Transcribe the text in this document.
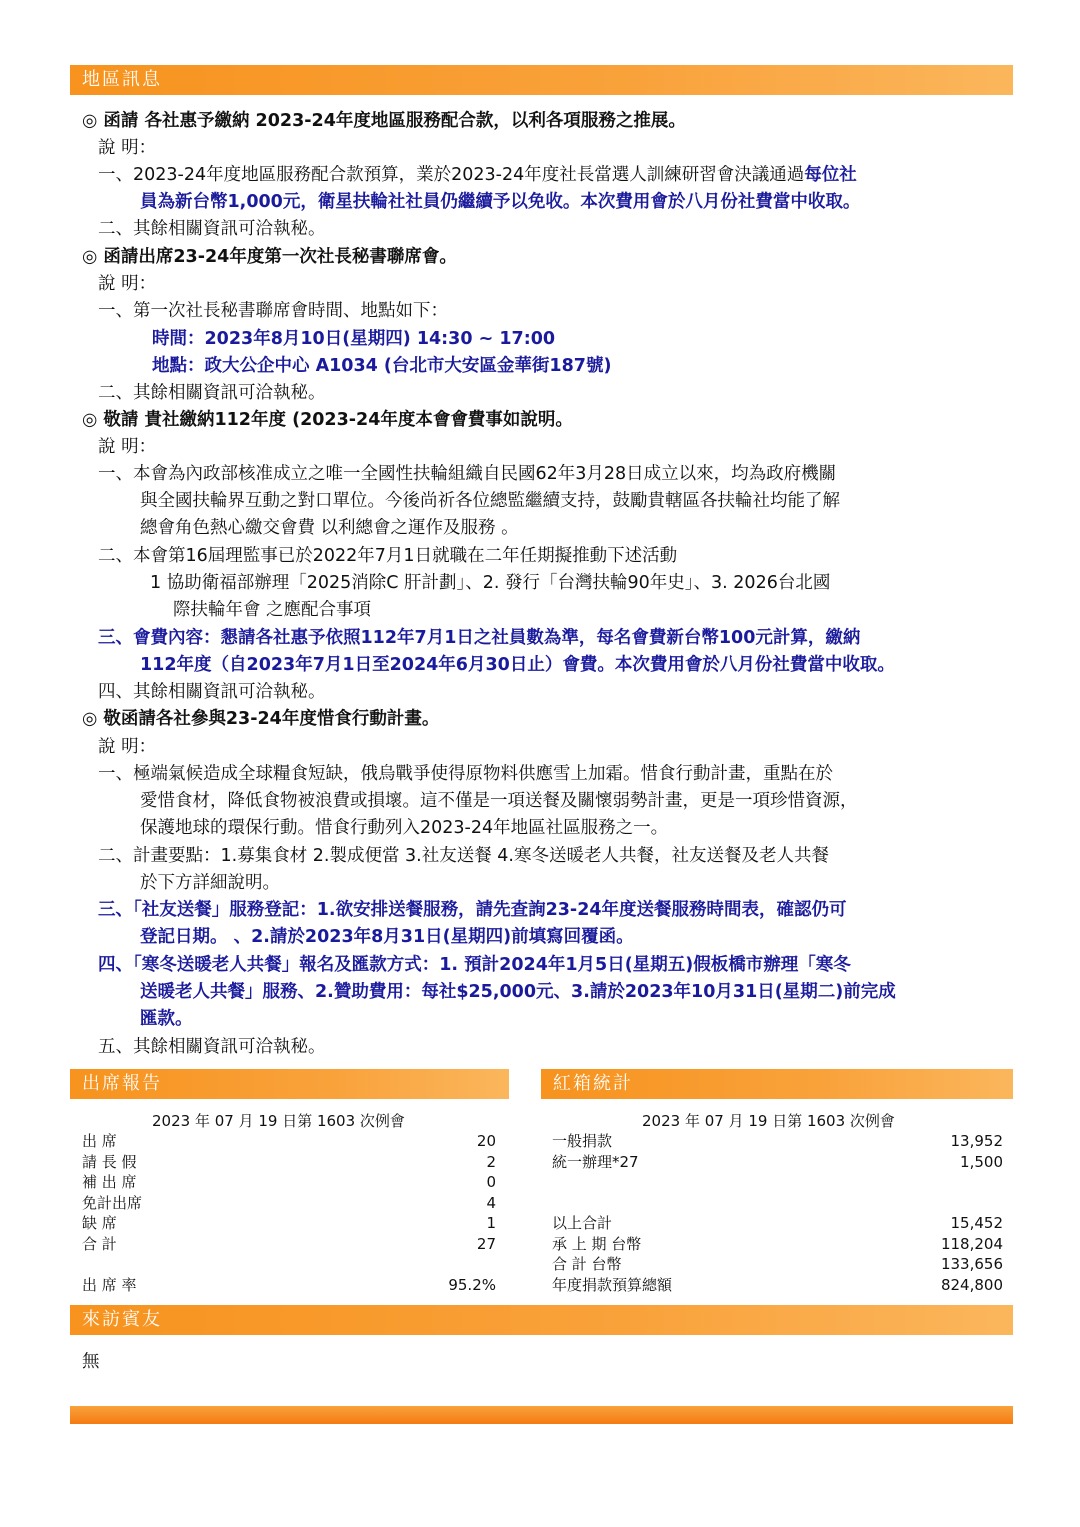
地區訊息
◎ 函請 各社惠予繳納 2023-24年度地區服務配合款，以利各項服務之推展。
說 明：
一、2023-24年度地區服務配合款預算，業於2023-24年度社長當選人訓練研習會決議通過每位社
員為新台幣1,000元，衛星扶輪社社員仍繼續予以免收。本次費用會於八月份社費當中收取。
二、其餘相關資訊可洽執秘。
◎ 函請出席23-24年度第一次社長秘書聯席會。
說 明：
一、第一次社長秘書聯席會時間、地點如下：
時間：2023年8月10日(星期四) 14:30 ~ 17:00
地點：政大公企中心 A1034 (台北市大安區金華街187號)
二、其餘相關資訊可洽執秘。
◎ 敬請 貴社繳納112年度 (2023-24年度本會會費事如說明。
說 明：
一、本會為內政部核准成立之唯一全國性扶輪組織自民國62年3月28日成立以來，均為政府機關
與全國扶輪界互動之對口單位。今後尚祈各位總監繼續支持，鼓勵貴轄區各扶輪社均能了解
總會角色熱心繳交會費 以利總會之運作及服務 。
二、本會第16屆理監事已於2022年7月1日就職在二年任期擬推動下述活動
1 協助衛福部辦理「2025消除C 肝計劃」、2. 發行「台灣扶輪90年史」、3. 2026台北國
際扶輪年會 之應配合事項
三、會費內容：懇請各社惠予依照112年7月1日之社員數為準，每名會費新台幣100元計算，繳納
112年度（自2023年7月1日至2024年6月30日止）會費。本次費用會於八月份社費當中收取。
四、其餘相關資訊可洽執秘。
◎ 敬函請各社參與23-24年度惜食行動計畫。
說 明：
一、極端氣候造成全球糧食短缺，俄烏戰爭使得原物料供應雪上加霜。惜食行動計畫，重點在於
愛惜食材，降低食物被浪費或損壞。這不僅是一項送餐及關懷弱勢計畫，更是一項珍惜資源，
保護地球的環保行動。惜食行動列入2023-24年地區社區服務之一。
二、計畫要點：1.募集食材 2.製成便當 3.社友送餐 4.寒冬送暖老人共餐，社友送餐及老人共餐
於下方詳細說明。
三、「社友送餐」服務登記：1.欲安排送餐服務，請先查詢23-24年度送餐服務時間表，確認仍可
登記日期。 、2.請於2023年8月31日(星期四)前填寫回覆函。
四、「寒冬送暖老人共餐」報名及匯款方式：1. 預計2024年1月5日(星期五)假板橋市辦理「寒冬
送暖老人共餐」服務、2.贊助費用：每社$25,000元、3.請於2023年10月31日(星期二)前完成
匯款。
五、其餘相關資訊可洽執秘。
出席報告	紅箱統計
2023 年 07 月 19 日第 1603 次例會
出 席	20
請 長 假	2
補 出 席	0
免計出席	4
缺 席	1
合 計	27
出 席 率	95.2%
2023 年 07 月 19 日第 1603 次例會
一般捐款	13,952
統一辦理*27	1,500
以上合計	15,452
承 上 期 台幣	118,204
合 計 台幣	133,656
年度捐款預算總額	824,800
來訪賓友
無
